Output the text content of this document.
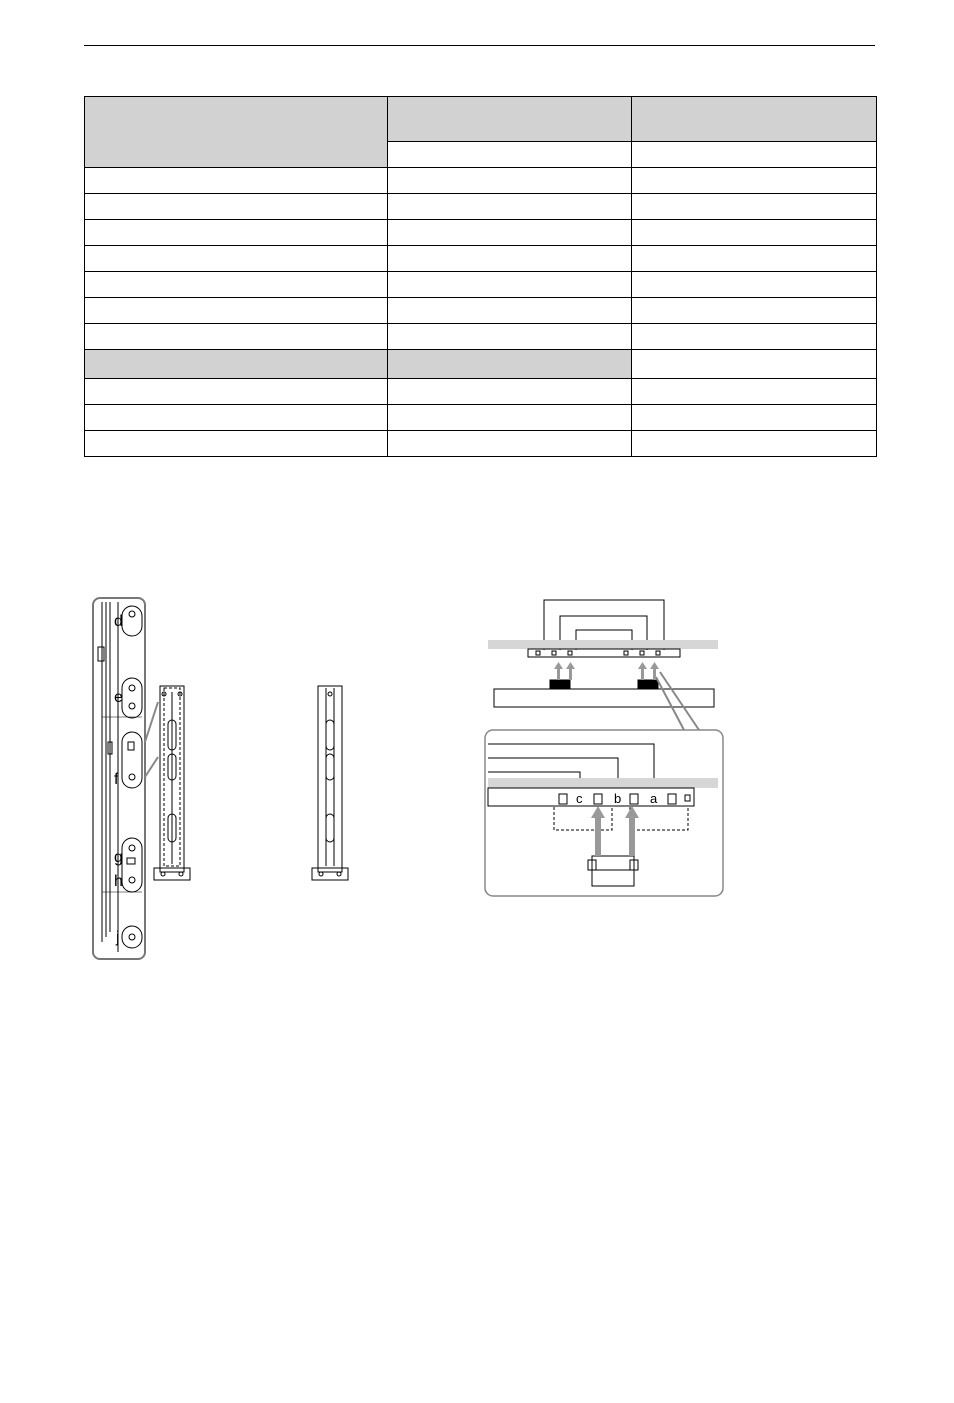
d
e
f
g
h
j
c b a
